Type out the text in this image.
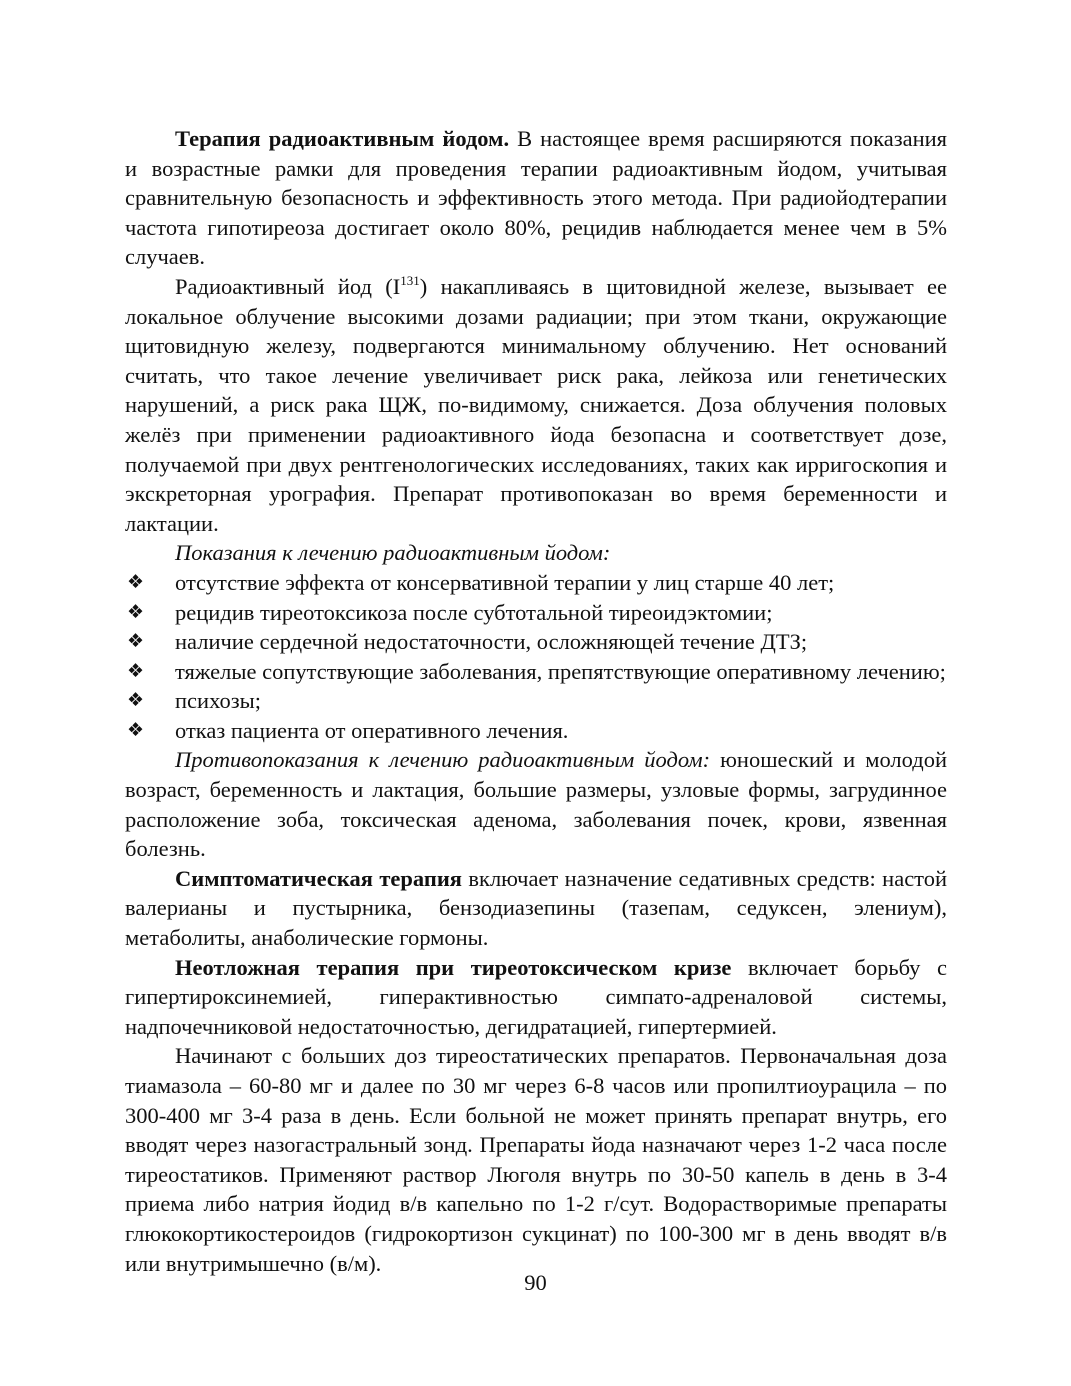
Терапия радиоактивным йодом. В настоящее время расширяются показания и возрастные рамки для проведения терапии радиоактивным йодом, учитывая сравнительную безопасность и эффективность этого метода. При радиойодтерапии частота гипотиреоза достигает около 80%, рецидив наблюдается менее чем в 5% случаев.

Радиоактивный йод $(I^{131})$ накапливаясь в щитовидной железе, вызывает ее локальное облучение высокими дозами радиации; при этом ткани, окружающие щитовидную железу, подвергаются минимальному облучению. Нет оснований считать, что такое лечение увеличивает риск рака, лейкоза или генетических нарушений, а риск рака ЩЖ, по-видимому, снижается. Доза облучения половых желёз при применении радиоактивного йода безопасна и соответствует дозе, получаемой при двух рентгенологических исследованиях, таких как ирригоскопия и экскреторная урография. Препарат противопоказан во время беременности и лактации.

Показания к лечению радиоактивным йодом:

❖ отсутствие эффекта от консервативной терапии у лиц старше 40 лет;
❖ рецидив тиреотоксикоза после субтотальной тиреоидэктомии;
❖ наличие сердечной недостаточности, осложняющей течение ДТЗ;
❖ тяжелые сопутствующие заболевания, препятствующие оперативному лечению;
❖ психозы;
❖ отказ пациента от оперативного лечения.

Противопоказания к лечению радиоактивным йодом: юношеский и молодой возраст, беременность и лактация, большие размеры, узловые формы, загрудинное расположение зоба, токсическая аденома, заболевания почек, крови, язвенная болезнь.

Симптоматическая терапия включает назначение седативных средств: настой валерианы и пустырника, бензодиазепины (тазепам, седуксен, элениум), метаболиты, анаболические гормоны.

Неотложная терапия при тиреотоксическом кризе включает борьбу с гипертироксинемией, гиперактивностью симпато-адреналовой системы, надпочечниковой недостаточностью, дегидратацией, гипертермией.

Начинают с больших доз тиреостатических препаратов. Первоначальная доза тиамазола – 60-80 мг и далее по 30 мг через 6-8 часов или пропилтиоурацила – по 300-400 мг 3-4 раза в день. Если больной не может принять препарат внутрь, его вводят через назогастральный зонд. Препараты йода назначают через 1-2 часа после тиреостатиков. Применяют раствор Люголя внутрь по 30-50 капель в день в 3-4 приема либо натрия йодид в/в капельно по 1-2 г/сут. Водорастворимые препараты глюкокортикостероидов (гидрокортизон сукцинат) по 100-300 мг в день вводят в/в или внутримышечно (в/м).

90
